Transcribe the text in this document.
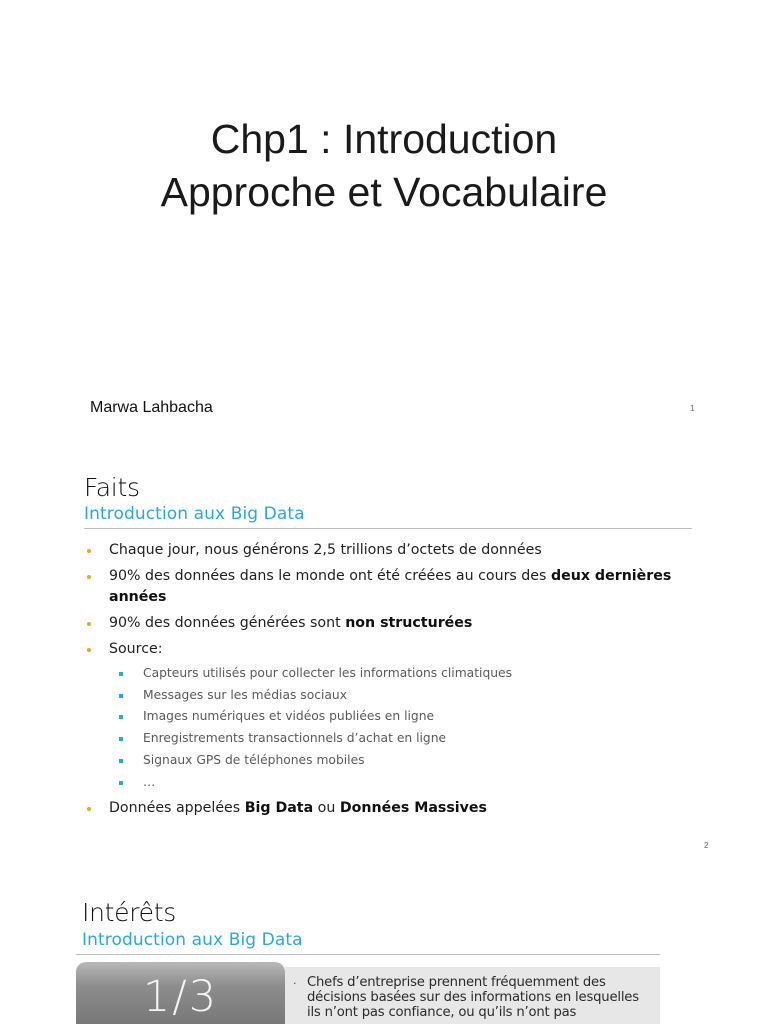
Chp1 : Introduction
Approche et Vocabulaire
Marwa Lahbacha	1
Faits
Introduction aux Big Data
Chaque jour, nous générons 2,5 trillions d’octets de données
90% des données dans le monde ont été créées au cours des deux dernières années
90% des données générées sont non structurées
Source:
Capteurs utilisés pour collecter les informations climatiques
Messages sur les médias sociaux
Images numériques et vidéos publiées en ligne
Enregistrements transactionnels d’achat en ligne
Signaux GPS de téléphones mobiles
…
Données appelées Big Data ou Données Massives
2
Intérêts
Introduction aux Big Data
1/3	· Chefs d’entreprise prennent fréquemment des décisions basées sur des informations en lesquelles ils n’ont pas confiance, ou qu’ils n’ont pas
